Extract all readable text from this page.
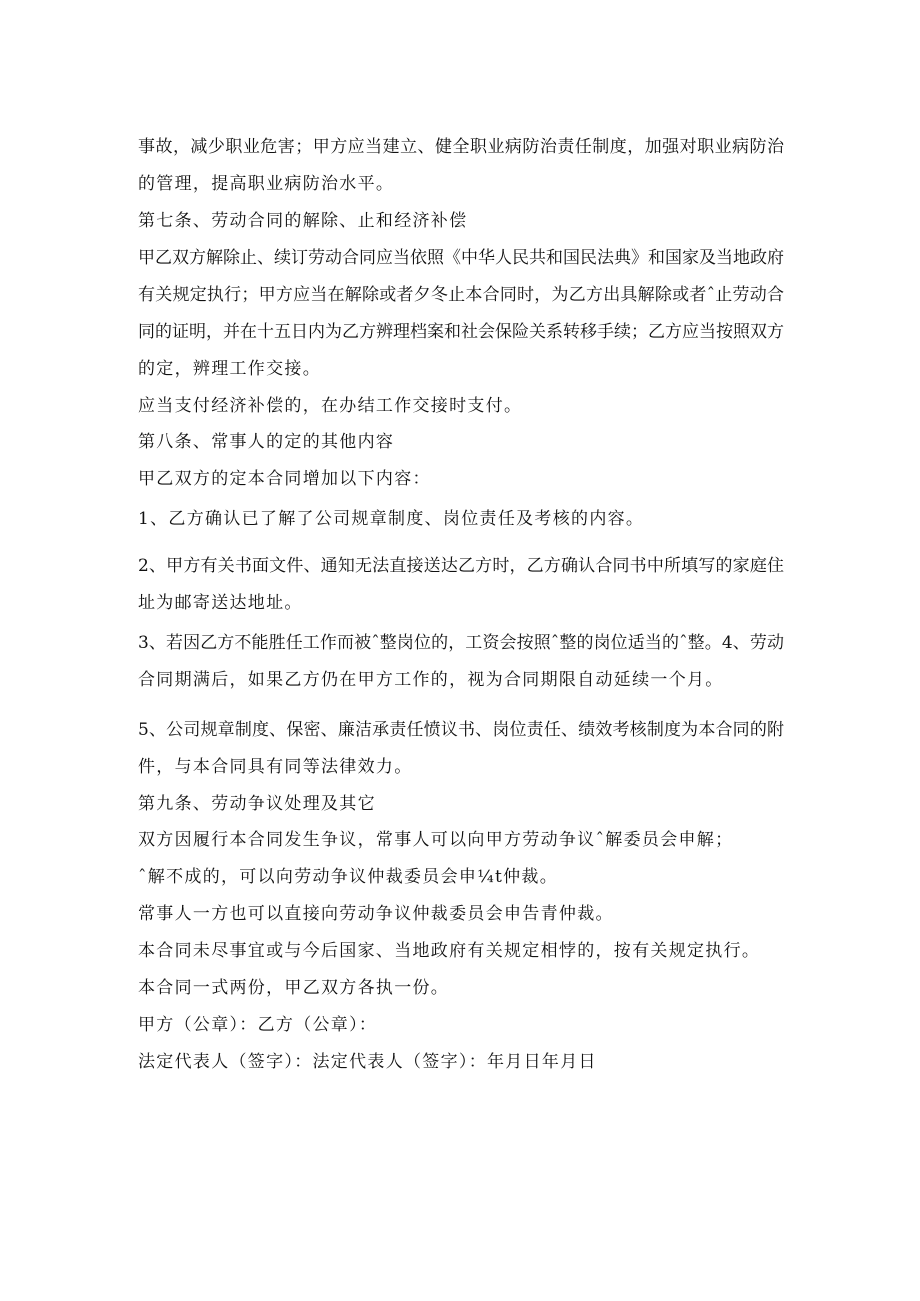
事故，减少职业危害；甲方应当建立、健全职业病防治责任制度，加强对职业病防治
的管理，提高职业病防治水平。
第七条、劳动合同的解除、止和经济补偿
甲乙双方解除止、续订劳动合同应当依照《中华人民共和国民法典》和国家及当地政府
有关规定执行；甲方应当在解除或者夕冬止本合同时，为乙方出具解除或者ˆ止劳动合
同的证明，并在十五日内为乙方辨理档案和社会保险关系转移手续；乙方应当按照双方
的定，辨理工作交接。
应当支付经济补偿的，在办结工作交接时支付。
第八条、常事人的定的其他内容
甲乙双方的定本合同增加以下内容：
1、乙方确认已了解了公司规章制度、岗位责任及考核的内容。
2、甲方有关书面文件、通知无法直接送达乙方时，乙方确认合同书中所填写的家庭住
址为邮寄送达地址。
3、若因乙方不能胜任工作而被ˆ整岗位的，工资会按照ˆ整的岗位适当的ˆ整。4、劳动
合同期满后，如果乙方仍在甲方工作的，视为合同期限自动延续一个月。
5、公司规章制度、保密、廉洁承责任愤议书、岗位责任、绩效考核制度为本合同的附
件，与本合同具有同等法律效力。
第九条、劳动争议处理及其它
双方因履行本合同发生争议，常事人可以向甲方劳动争议ˆ解委员会申解；
ˆ解不成的，可以向劳动争议仲裁委员会申¼t仲裁。
常事人一方也可以直接向劳动争议仲裁委员会申告青仲裁。
本合同未尽事宜或与今后国家、当地政府有关规定相悖的，按有关规定执行。
本合同一式两份，甲乙双方各执一份。
甲方（公章）：乙方（公章）：
法定代表人（签字）：法定代表人（签字）：年月日年月日
